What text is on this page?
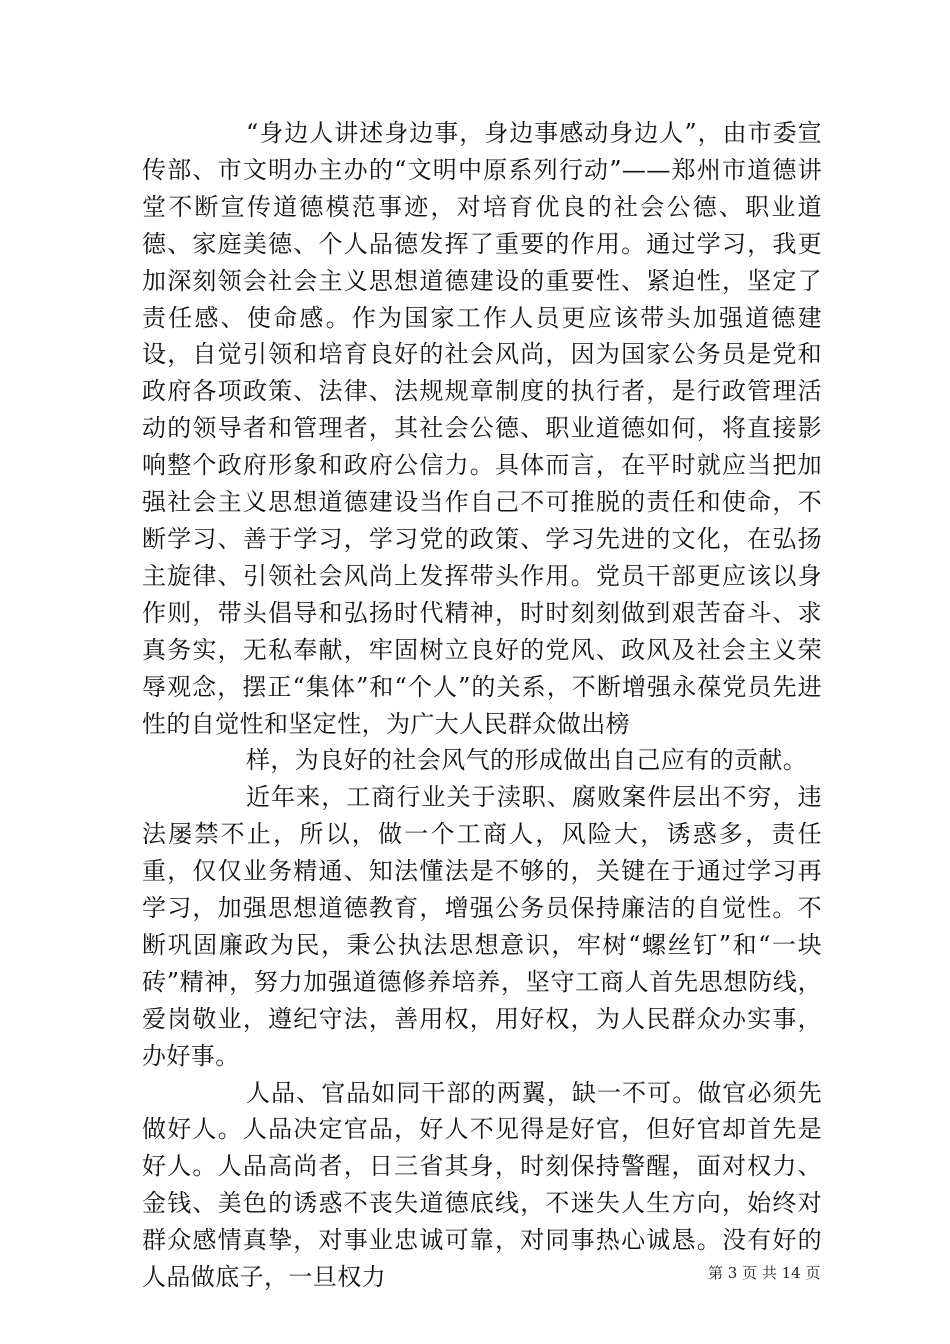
“身边人讲述身边事，身边事感动身边人”，由市委宣传部、市文明办主办的“文明中原系列行动”——郑州市道德讲堂不断宣传道德模范事迹，对培育优良的社会公德、职业道德、家庭美德、个人品德发挥了重要的作用。通过学习，我更加深刻领会社会主义思想道德建设的重要性、紧迫性，坚定了责任感、使命感。作为国家工作人员更应该带头加强道德建设，自觉引领和培育良好的社会风尚，因为国家公务员是党和政府各项政策、法律、法规规章制度的执行者，是行政管理活动的领导者和管理者，其社会公德、职业道德如何，将直接影响整个政府形象和政府公信力。具体而言，在平时就应当把加强社会主义思想道德建设当作自己不可推脱的责任和使命，不断学习、善于学习，学习党的政策、学习先进的文化，在弘扬主旋律、引领社会风尚上发挥带头作用。党员干部更应该以身作则，带头倡导和弘扬时代精神，时时刻刻做到艰苦奋斗、求真务实，无私奉献，牢固树立良好的党风、政风及社会主义荣辱观念，摆正“集体”和“个人”的关系，不断增强永葆党员先进性的自觉性和坚定性，为广大人民群众做出榜

样，为良好的社会风气的形成做出自己应有的贡献。

近年来，工商行业关于渎职、腐败案件层出不穷，违法屡禁不止，所以，做一个工商人，风险大，诱惑多，责任重，仅仅业务精通、知法懂法是不够的，关键在于通过学习再学习，加强思想道德教育，增强公务员保持廉洁的自觉性。不断巩固廉政为民，秉公执法思想意识，牢树“螺丝钉”和“一块砖”精神，努力加强道德修养培养，坚守工商人首先思想防线，爱岗敬业，遵纪守法，善用权，用好权，为人民群众办实事，办好事。

人品、官品如同干部的两翼，缺一不可。做官必须先做好人。人品决定官品，好人不见得是好官，但好官却首先是好人。人品高尚者，日三省其身，时刻保持警醒，面对权力、金钱、美色的诱惑不丧失道德底线，不迷失人生方向，始终对群众感情真挚，对事业忠诚可靠，对同事热心诚恳。没有好的人品做底子，一旦权力	第 3 页 共 14 页
